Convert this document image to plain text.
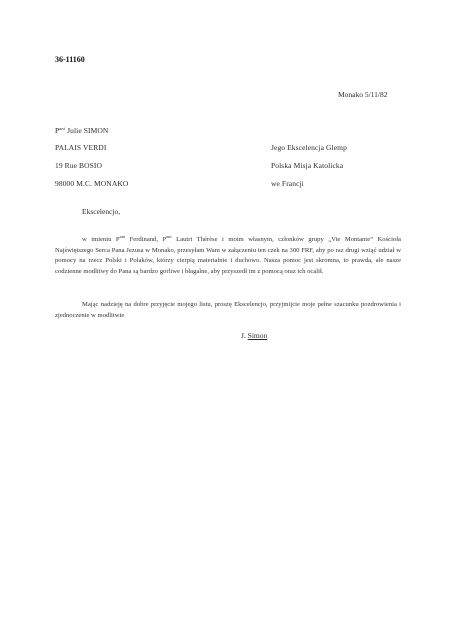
36-11160
Monako 5/11/82
$P^{ani}$ Julie SIMON
PALAIS VERDI
19 Rue BOSIO
98000 M.C. MONAKO
Jego Ekscelencja Glemp
Polska Misja Katolicka
we Francji
Ekscelencjo,
w imieniu $P^{ani}$ Ferdinand, $P^{ani}$ Lautri Thérèse i moim własnym, członków grupy „Vie Montante” Kościoła Najświętszego Serca Pana Jezusa w Monako, przesyłam Wam w załączeniu ten czek na 300 FRF, aby po raz drugi wziąć udział w pomocy na rzecz Polski i Polaków, którzy cierpią materialnie i duchowo. Nasza pomoc jest skromna, to prawda, ale nasze codzienne modlitwy do Pana są bardzo gorliwe i błagalne, aby przyszedł im z pomocą oraz ich ocalił.
Mając nadzieję na dobre przyjęcie mojego listu, proszę Ekscelencjo, przyjmijcie moje pełne szacunku pozdrowienia i zjednoczenie w modlitwie
J. Simon
